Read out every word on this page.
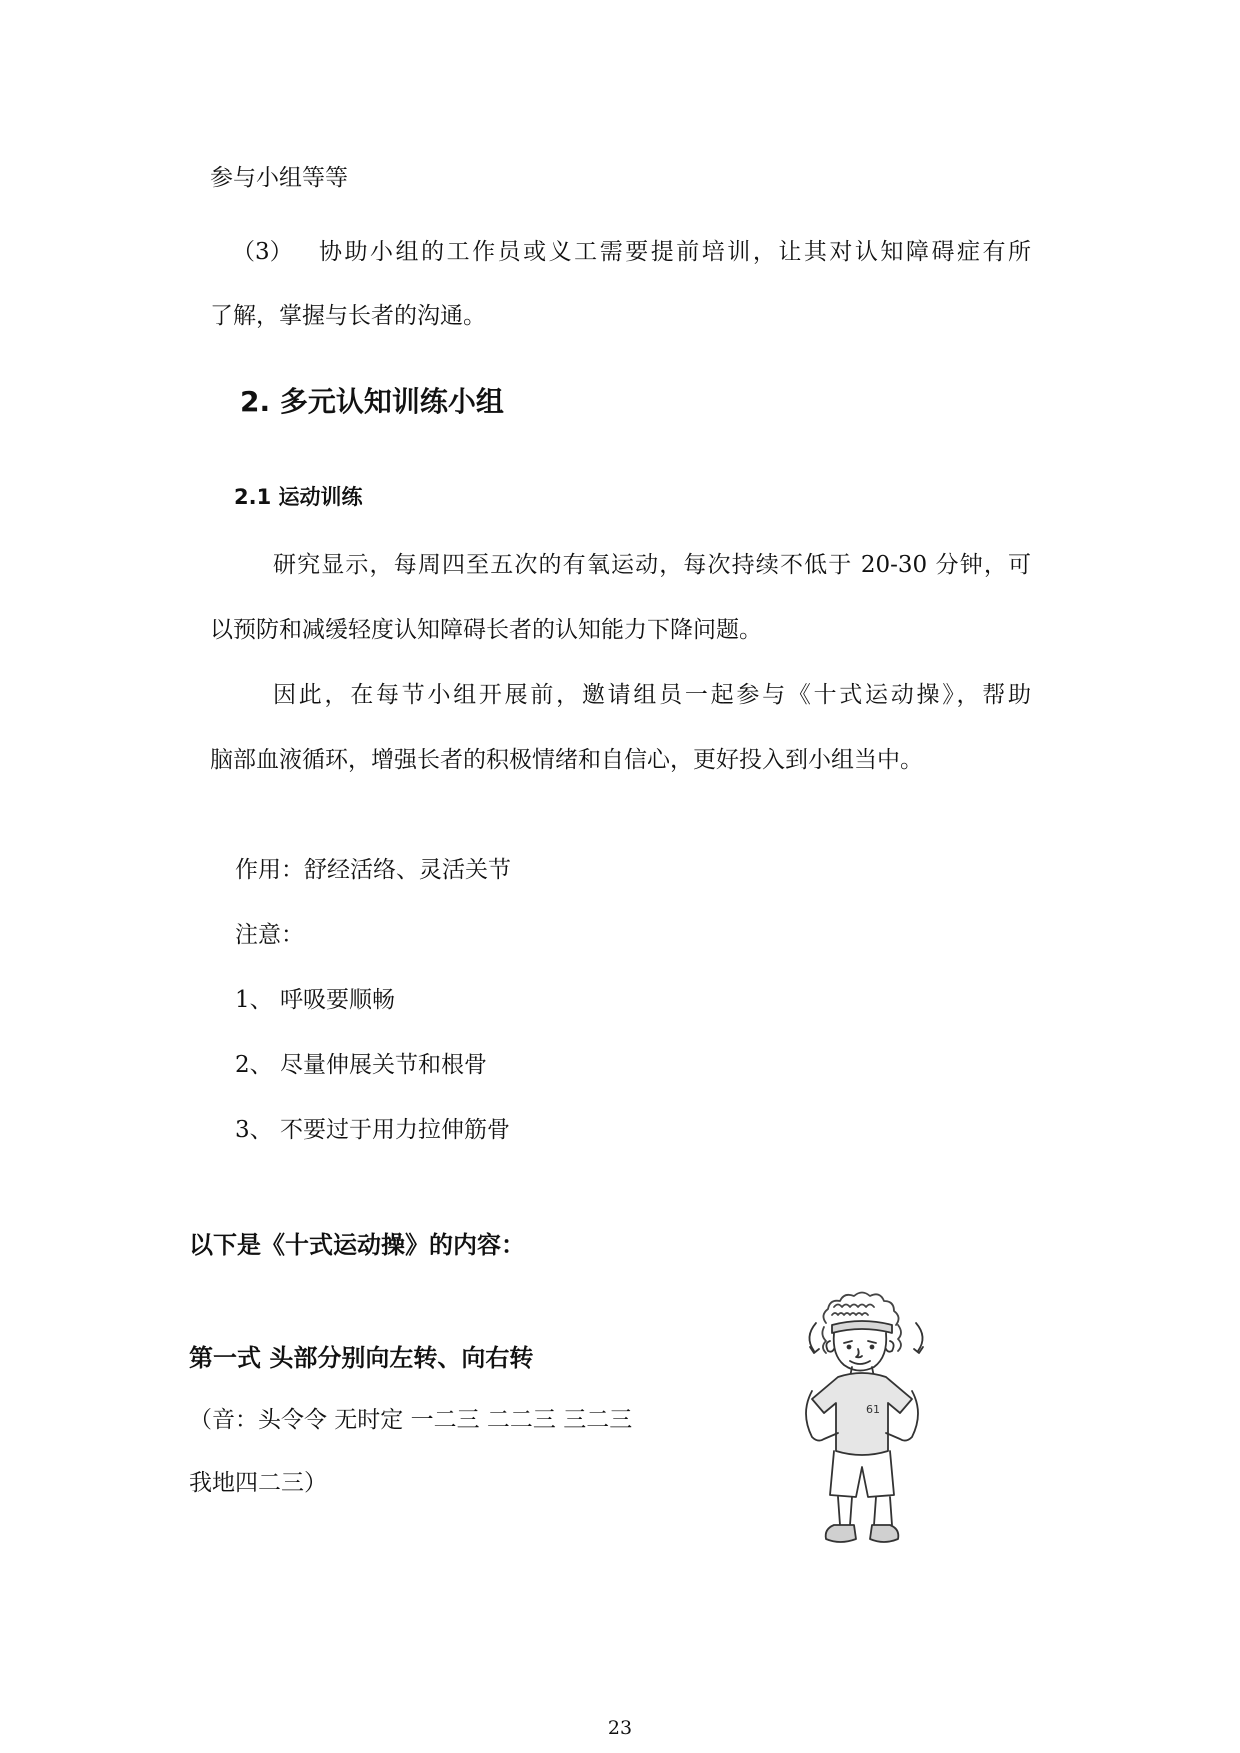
参与小组等等
（3） 协助小组的工作员或义工需要提前培训，让其对认知障碍症有所
了解，掌握与长者的沟通。
2. 多元认知训练小组
2.1 运动训练
研究显示，每周四至五次的有氧运动，每次持续不低于 20-30 分钟，可
以预防和减缓轻度认知障碍长者的认知能力下降问题。
因此，在每节小组开展前，邀请组员一起参与《十式运动操》，帮助
脑部血液循环，增强长者的积极情绪和自信心，更好投入到小组当中。
作用：舒经活络、灵活关节
注意：
1、 呼吸要顺畅
2、 尽量伸展关节和根骨
3、 不要过于用力拉伸筋骨
以下是《十式运动操》的内容：
第一式 头部分别向左转、向右转
（音：头令令 无时定 一二三 二二三 三二三
我地四二三）
61
23
